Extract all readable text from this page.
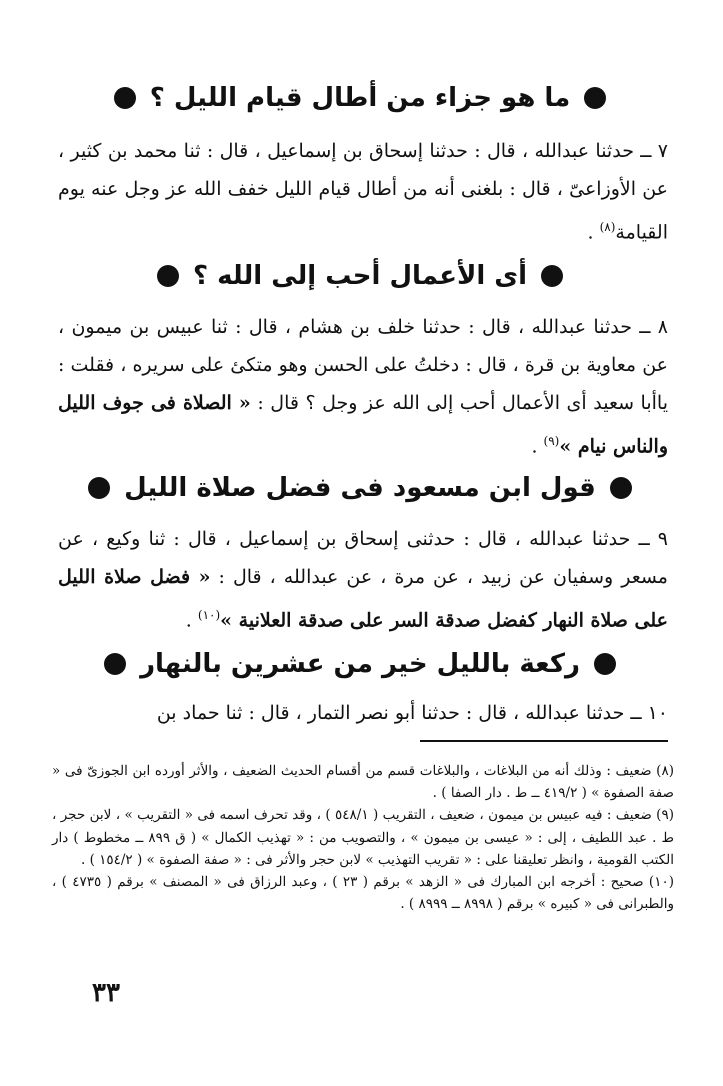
ما هو جزاء من أطال قيام الليل ؟
٧ ــ حدثنا عبدالله ، قال : حدثنا إسحاق بن إسماعيل ، قال : ثنا محمد بن كثير ، عن الأوزاعىّ ، قال : بلغنى أنه من أطال قيام الليل خفف الله عز وجل عنه يوم القيامة$^{(٨)}$ .
أى الأعمال أحب إلى الله ؟
٨ ــ حدثنا عبدالله ، قال : حدثنا خلف بن هشام ، قال : ثنا عبيس بن ميمون ، عن معاوية بن قرة ، قال : دخلتُ على الحسن وهو متكئ على سريره ، فقلت : ياأبا سعيد أى الأعمال أحب إلى الله عز وجل ؟ قال : « الصلاة فى جوف الليل والناس نيام »$^{(٩)}$ .
قول ابن مسعود فى فضل صلاة الليل
٩ ــ حدثنا عبدالله ، قال : حدثنى إسحاق بن إسماعيل ، قال : ثنا وكيع ، عن مسعر وسفيان عن زبيد ، عن مرة ، عن عبدالله ، قال : « فضل صلاة الليل على صلاة النهار كفضل صدقة السر على صدقة العلانية »$^{(١٠)}$ .
ركعة بالليل خير من عشرين بالنهار
١٠ ــ حدثنا عبدالله ، قال : حدثنا أبو نصر التمار ، قال : ثنا حماد بن

(٨) ضعيف : وذلك أنه من البلاغات ، والبلاغات قسم من أقسام الحديث الضعيف ، والأثر أورده ابن الجوزىّ فى « صفة الصفوة » ( ٤١٩/٢ ــ ط . دار الصفا ) .

(٩) ضعيف : فيه عبيس بن ميمون ، ضعيف ، التقريب ( ٥٤٨/١ ) ، وقد تحرف اسمه فى « التقريب » ، لابن حجر ، ط . عبد اللطيف ، إلى : « عيسى بن ميمون » ، والتصويب من : « تهذيب الكمال » ( ق ٨٩٩ ــ مخطوط ) دار الكتب القومية ، وانظر تعليقنا على : « تقريب التهذيب » لابن حجر والأثر فى : « صفة الصفوة » ( ١٥٤/٢ ) .

(١٠) صحيح : أخرجه ابن المبارك فى « الزهد » برقم ( ٢٣ ) ، وعبد الرزاق فى « المصنف » برقم ( ٤٧٣٥ ) ، والطبرانى فى « كبيره » برقم ( ٨٩٩٨ ــ ٨٩٩٩ ) .

٣٣
